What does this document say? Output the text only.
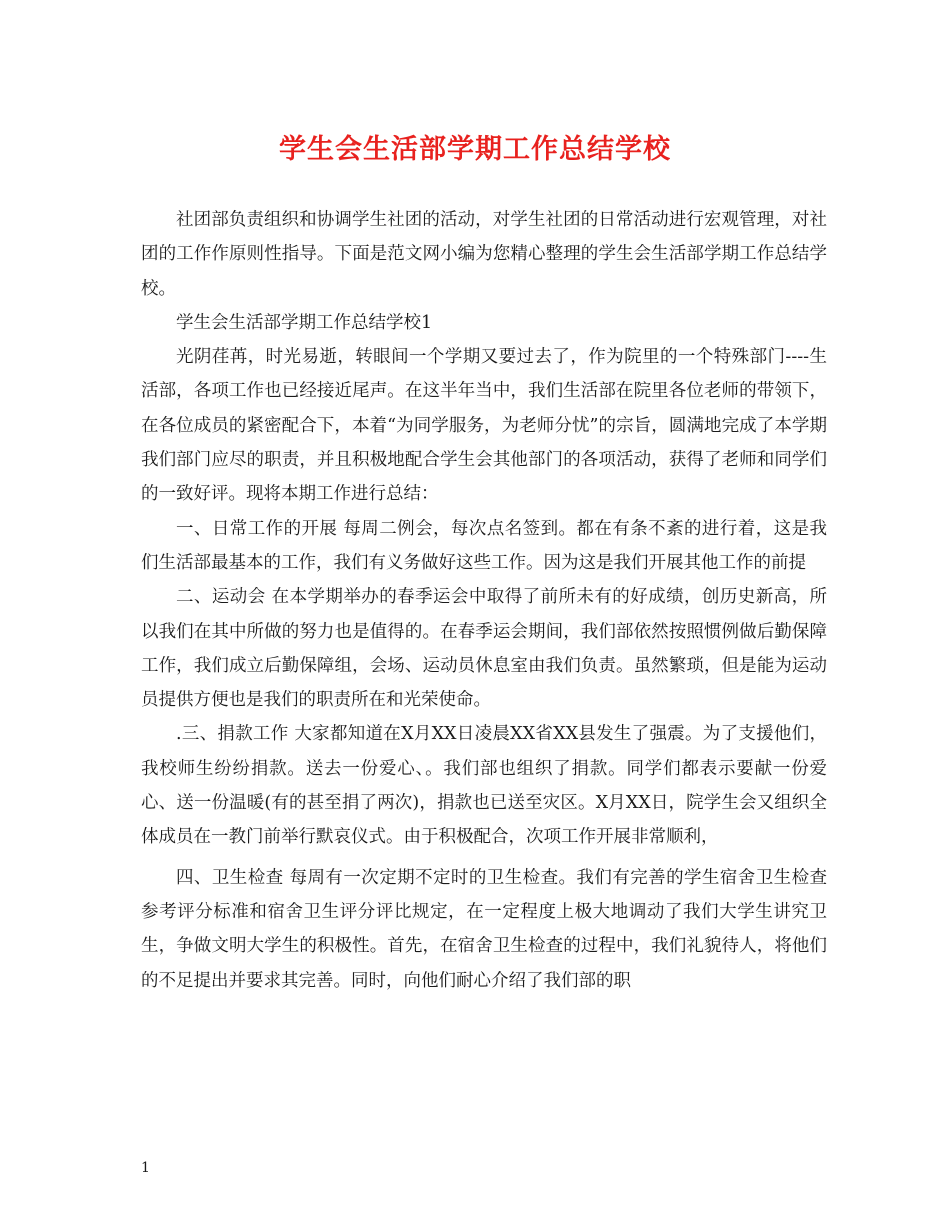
学生会生活部学期工作总结学校

社团部负责组织和协调学生社团的活动，对学生社团的日常活动进行宏观管理，对社团的工作作原则性指导。下面是范文网小编为您精心整理的学生会生活部学期工作总结学校。

学生会生活部学期工作总结学校1

光阴荏苒，时光易逝，转眼间一个学期又要过去了，作为院里的一个特殊部门----生活部，各项工作也已经接近尾声。在这半年当中，我们生活部在院里各位老师的带领下，在各位成员的紧密配合下，本着“为同学服务，为老师分忧”的宗旨，圆满地完成了本学期我们部门应尽的职责，并且积极地配合学生会其他部门的各项活动，获得了老师和同学们的一致好评。现将本期工作进行总结：

一、日常工作的开展 每周二例会，每次点名签到。都在有条不紊的进行着，这是我们生活部最基本的工作，我们有义务做好这些工作。因为这是我们开展其他工作的前提

二、运动会 在本学期举办的春季运会中取得了前所未有的好成绩，创历史新高，所以我们在其中所做的努力也是值得的。在春季运会期间，我们部依然按照惯例做后勤保障工作，我们成立后勤保障组，会场、运动员休息室由我们负责。虽然繁琐，但是能为运动员提供方便也是我们的职责所在和光荣使命。

.三、捐款工作 大家都知道在X月XX日凌晨XX省XX县发生了强震。为了支援他们，我校师生纷纷捐款。送去一份爱心、。我们部也组织了捐款。同学们都表示要献一份爱心、送一份温暖(有的甚至捐了两次)，捐款也已送至灾区。X月XX日，院学生会又组织全体成员在一教门前举行默哀仪式。由于积极配合，次项工作开展非常顺利，

四、卫生检查 每周有一次定期不定时的卫生检查。我们有完善的学生宿舍卫生检查参考评分标准和宿舍卫生评分评比规定，在一定程度上极大地调动了我们大学生讲究卫生，争做文明大学生的积极性。首先，在宿舍卫生检查的过程中，我们礼貌待人，将他们的不足提出并要求其完善。同时，向他们耐心介绍了我们部的职

1
